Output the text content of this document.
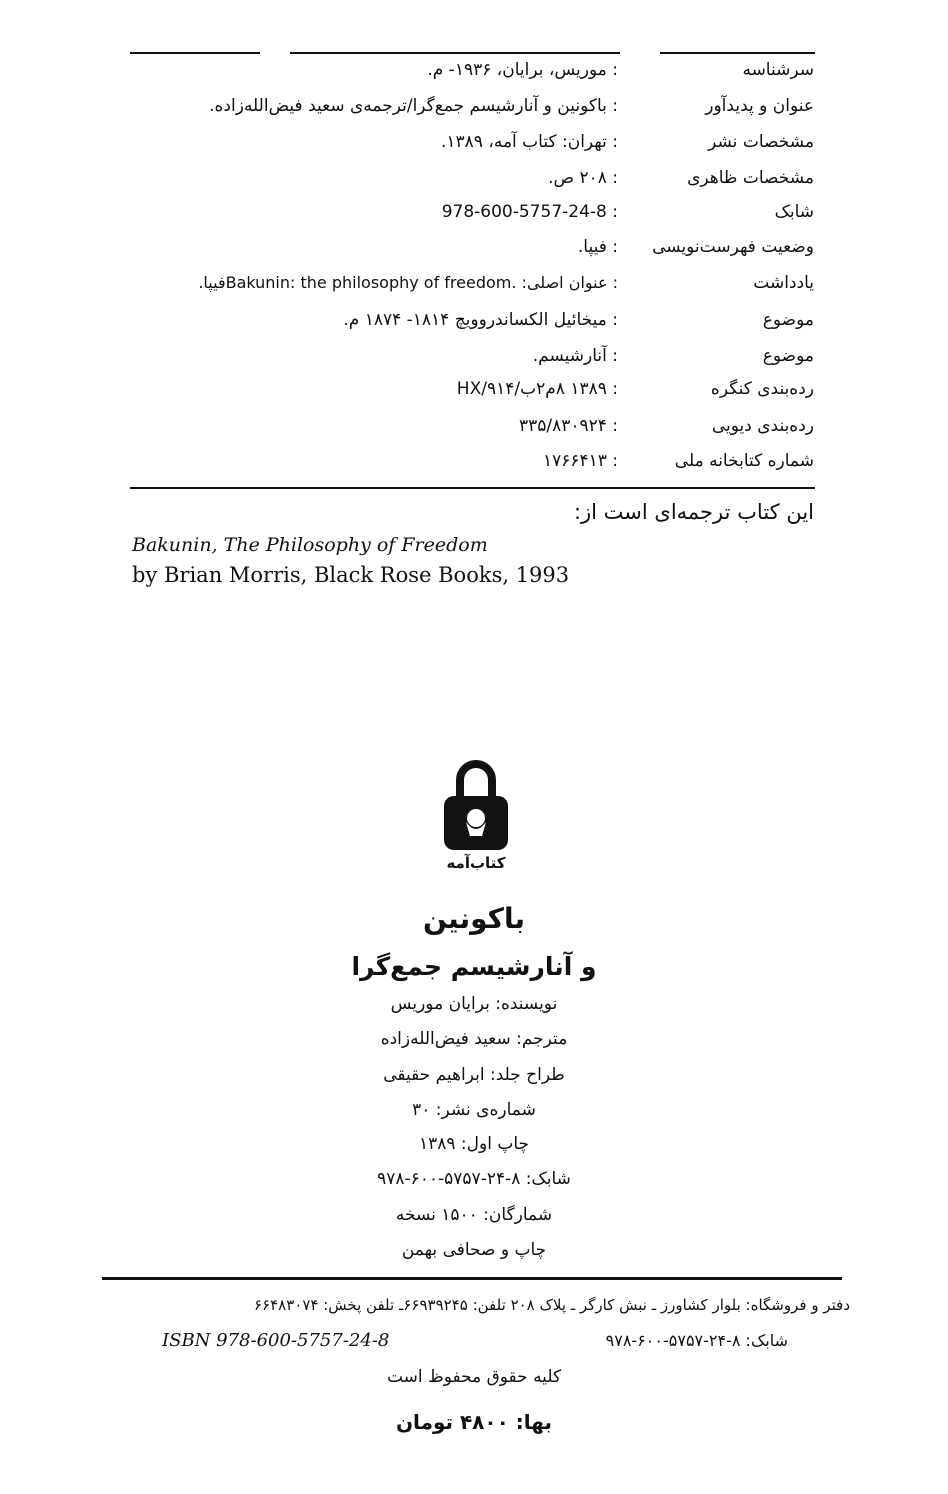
سرشناسه
: موریس، برایان، ۱۹۳۶- م.
عنوان و پدیدآور
: باکونین و آنارشیسم جمع‌گرا/ترجمه‌ی سعید فیض‌الله‌زاده.
مشخصات نشر
: تهران: کتاب آمه، ۱۳۸۹.
مشخصات ظاهری
: ۲۰۸ ص.
شابک
: 978-600-5757-24-8
وضعیت فهرست‌نویسی
: فیپا.
یادداشت
: عنوان اصلی: .Bakunin: the philosophy of freedomفیپا.
موضوع
: میخائیل الکساندروویچ ۱۸۱۴- ۱۸۷۴ م.
موضوع
: آنارشیسم.
رده‌بندی کنگره
: ۱۳۸۹ ۸م۲ب/۹۱۴/HX
رده‌بندی دیویی
: ۳۳۵/۸۳۰۹۲۴
شماره کتابخانه ملی
: ۱۷۶۶۴۱۳
این کتاب ترجمه‌ای است از:
Bakunin, The Philosophy of Freedom
by Brian Morris, Black Rose Books, 1993
کتاب‌آمه
باکونین
و آنارشیسم جمع‌گرا
نویسنده: برایان موریس
مترجم: سعید فیض‌الله‌زاده
طراح جلد: ابراهیم حقیقی
شماره‌ی نشر: ۳۰
چاپ اول: ۱۳۸۹
شابک: ۸-۲۴-۵۷۵۷-۶۰۰-۹۷۸
شمارگان: ۱۵۰۰ نسخه
چاپ و صحافی بهمن
دفتر و فروشگاه: بلوار کشاورز ـ نبش کارگر ـ پلاک ۲۰۸ تلفن: ۶۶۹۳۹۲۴۵ـ تلفن پخش: ۶۶۴۸۳۰۷۴
شابک: ۸-۲۴-۵۷۵۷-۶۰۰-۹۷۸
ISBN 978-600-5757-24-8
کلیه حقوق محفوظ است
بها: ۴۸۰۰ تومان
